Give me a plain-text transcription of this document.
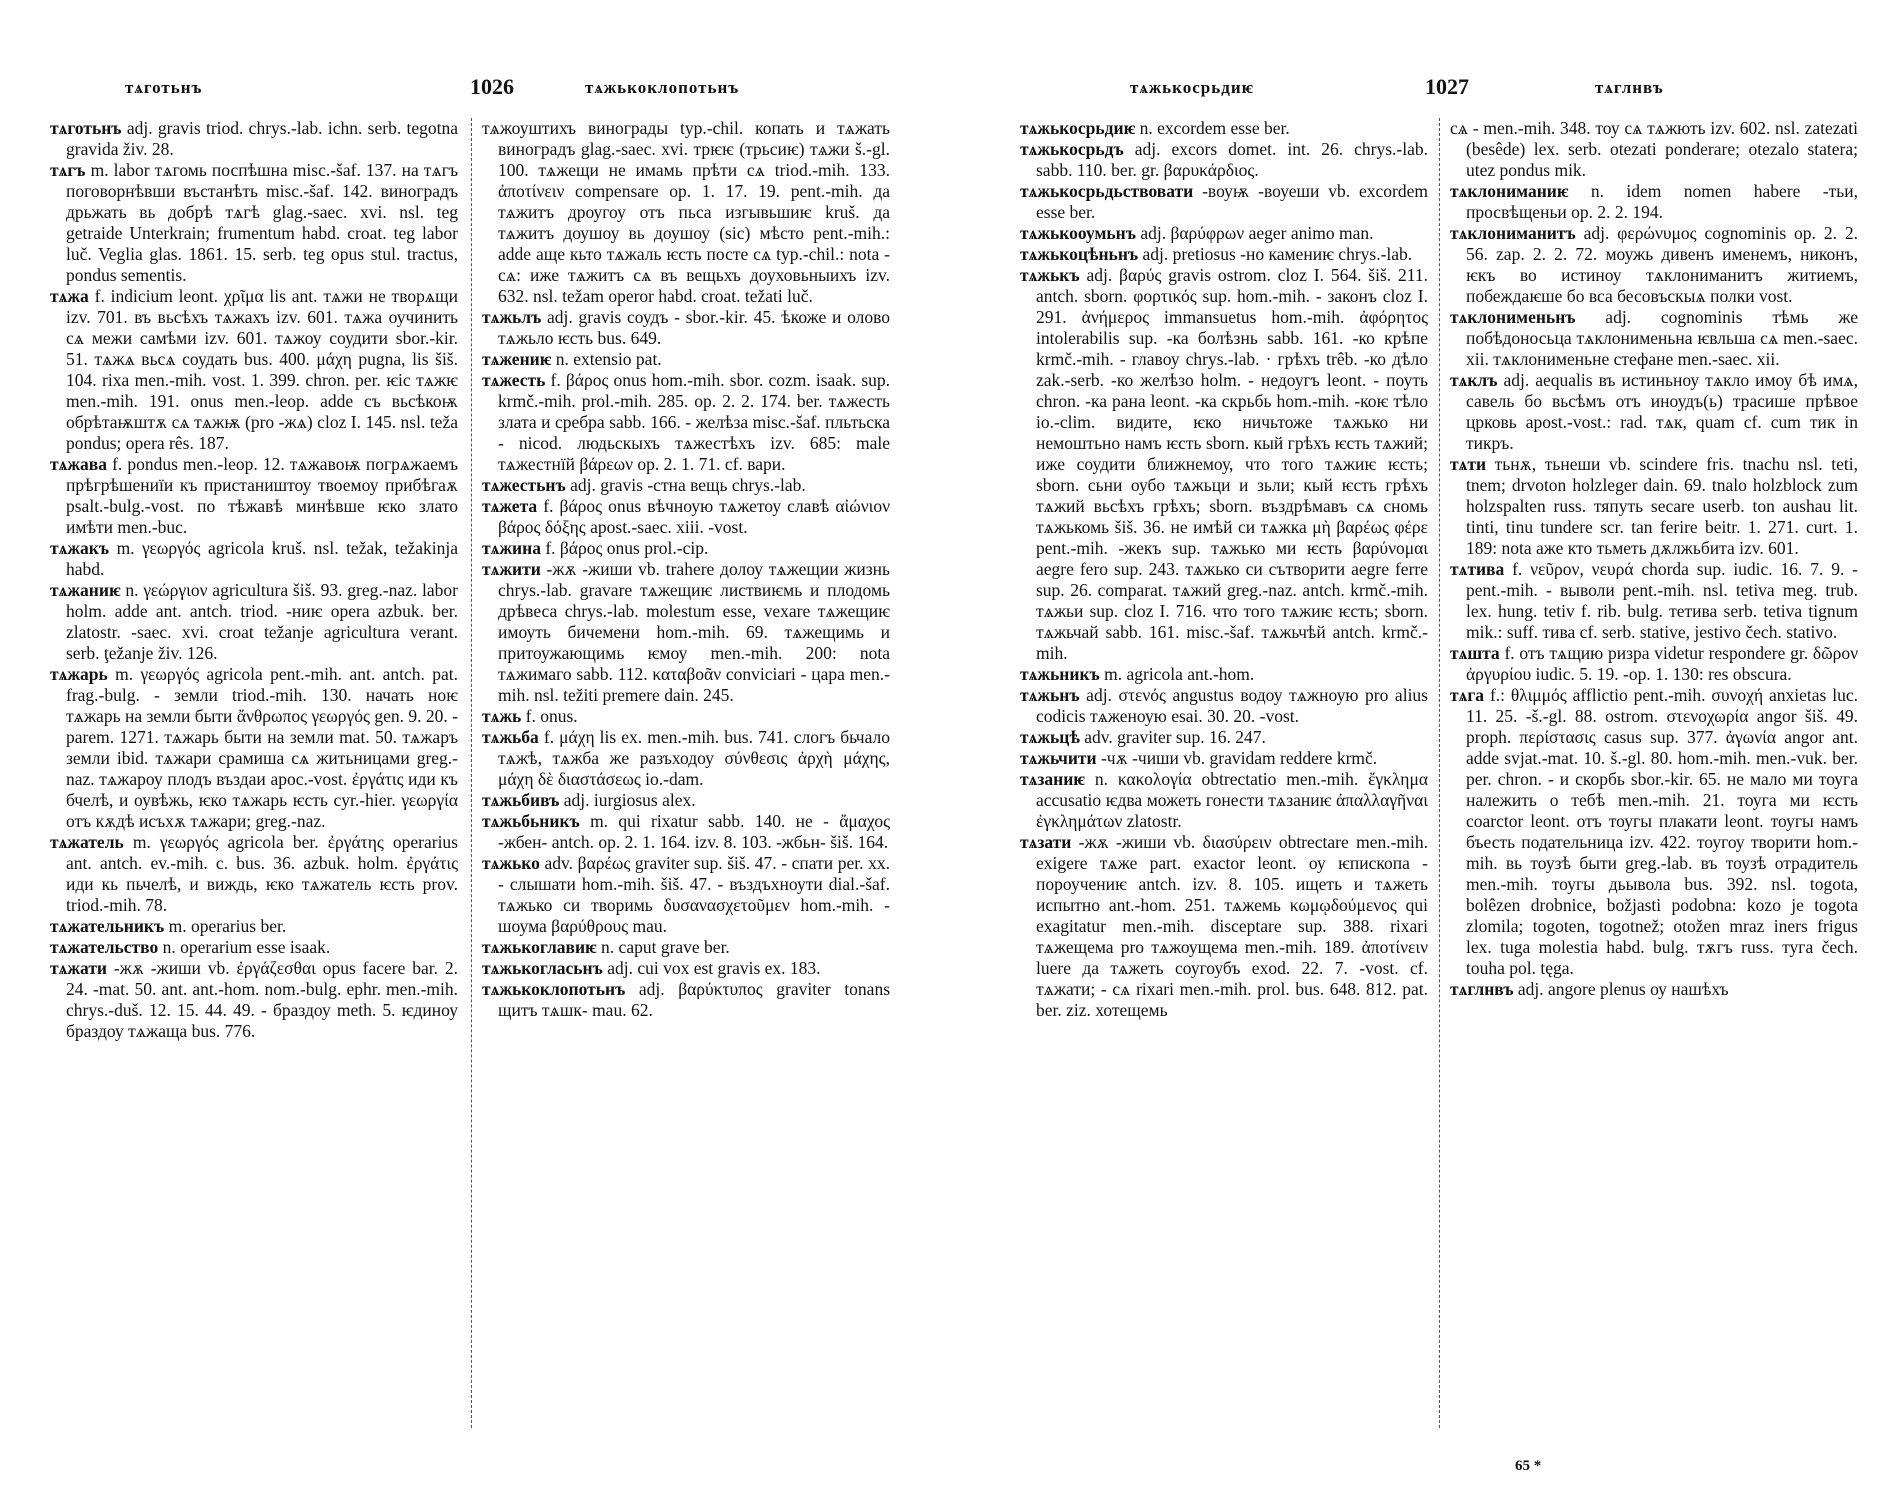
тѧготьнъ	1026	тѧжькоклопотьнъ
тѧготьнъ adj. gravis triod. chrys.-lab. ichn. serb. tegotna gravida živ. 28.
тѧгъ m. labor тѧгомь поспѣшна misc.-šaf. 137. на тѧгъ поговорнѣвши въстанѣть misc.-šaf. 142. виноградъ дрьжать вь добрѣ тѧгѣ glag.-saec. xvi. nsl. teg getraide Unterkrain; frumentum habd. croat. teg labor luč. Veglia glas. 1861. 15. serb. teg opus stul. tractus, pondus sementis.
тѧжа f. indicium leont. χρῖμα lis ant. тѧжи не творѧщи izv. 701. въ вьсѣхъ тѧжахъ izv. 601. тѧжа оучинить сѧ межи самѣми izv. 601. тѧжоу соудити sbor.-kir. 51. тѧжѧ вьсѧ соудать bus. 400. μάχη pugna, lis šiš. 104. rixa men.-mih. vost. 1. 399. chron. per. ѥіс тѧжѥ men.-mih. 191. onus men.-leop. adde съ вьсѣкоѭ обрѣтаѭштѫ сѧ тѧжѭ (pro -жѧ) cloz I. 145. nsl. teža pondus; opera rês. 187.
тѧжава f. pondus men.-leop. 12. тѧжавоѭ погрѧжаемъ прѣгрѣшениїи къ пристаништоу твоемоу прибѣгаѫ psalt.-bulg.-vost. по тѣжавѣ минѣвше ѥко злато имѣти men.-buc.
тѧжакъ m. γεωργός agricola kruš. nsl. težak, težakinja habd.
тѧжаниѥ n. γεώργιον agricultura šiš. 93. greg.-naz. labor holm. adde ant. antch. triod. -ниѥ opera azbuk. ber. zlatostr. -saec. xvi. croat težanje agricultura verant. serb. ţežanje živ. 126.
тѧжарь m. γεωργός agricola pent.-mih. ant. antch. pat. frag.-bulg. - земли triod.-mih. 130. начать ноѥ тѧжарь на земли быти ἄνθρωπος γεωργός gen. 9. 20. -parem. 1271. тѧжарь быти на земли mat. 50. тѧжаръ земли ibid. тѧжари срамиша сѧ житьницами greg.-naz. тѧжароу плодъ въздаи apoc.-vost. ἐργάτις иди къ бчелѣ, и оувѣжь, ѥко тѧжарь ѥсть cyr.-hier. γεωργία отъ кѫдѣ исъхѫ тѧжари; greg.-naz.
тѧжатель m. γεωργός agricola ber. ἐργάτης operarius ant. antch. ev.-mih. c. bus. 36. azbuk. holm. ἐργάτις иди кь пьчелѣ, и виждь, ѥко тѧжатель ѥсть prov. triod.-mih. 78.
тѧжательникъ m. operarius ber.
тѧжательство n. operarium esse isaak.
тѧжати -жѫ -жиши vb. ἐργάζεσθαι opus facere bar. 2. 24. -mat. 50. ant. ant.-hom. nom.-bulg. ephr. men.-mih. chrys.-duš. 12. 15. 44. 49. - браздоу meth. 5. ѥдиноу браздоу тѧжаща bus. 776.
тѧжоуштихъ винограды typ.-chil. копать и тѧжать виноградъ glag.-saec. xvi. трѥѥ (трьсиѥ) тѧжи š.-gl. 100. тѧжещи не имамь прѣти сѧ triod.-mih. 133. ἀποτίνειν compensare op. 1. 17. 19. pent.-mih. да тѧжитъ дроугоу отъ пьса изгывьшиѥ kruš. да тѧжитъ доушоу вь доушоу (sic) мѣсто pent.-mih.: adde аще кьто тѧжаль ѥсть посте сѧ typ.-chil.: nota - сѧ: иже тѧжитъ сѧ въ вещьхъ доуховьныихъ izv. 632. nsl. težam operor habd. croat. težati luč.
тѧжьлъ adj. gravis соудъ - sbor.-kir. 45. ѣкоже и олово тѧжьло ѥсть bus. 649.
тѧжениѥ n. extensio pat.
тѧжесть f. βάρος onus hom.-mih. sbor. cozm. isaak. sup. krmč.-mih. prol.-mih. 285. op. 2. 2. 174. ber. тѧжесть злата и сребра sabb. 166. - желѣза misc.-šaf. пльтьска - nicod. людьскыхъ тѧжестѣхъ izv. 685: male тѧжестнїй βάρεων op. 2. 1. 71. cf. вари.
тѧжестьнъ adj. gravis -стна вещь chrys.-lab.
тѧжета f. βάρος onus вѣчноую тѧжетоу славѣ αἰώνιον βάρος δόξης apost.-saec. xiii. -vost.
тѧжина f. βάρος onus prol.-cip.
тѧжити -жѫ -жиши vb. trahere долоу тѧжещии жизнь chrys.-lab. gravare тѧжещиѥ листвиѥмь и плодомь дрѣвеса chrys.-lab. molestum esse, vexare тѧжещиѥ имоуть бичемени hom.-mih. 69. тѧжещимь и притоужающимь ѥмоу men.-mih. 200: nota тѧжимаго sabb. 112. καταβοᾶν conviciari - цара men.-mih. nsl. težiti premere dain. 245.
тѧжь f. onus.
тѧжьба f. μάχη lis ex. men.-mih. bus. 741. слогъ бьчало тѧжѣ, тѧжба же разъходоу σύνθεσις ἀρχὴ μάχης, μάχη δὲ διαστάσεως io.-dam.
тѧжьбивъ adj. iurgiosus alex.
тѧжьбьникъ m. qui rixatur sabb. 140. не - ἄμαχος -жбен- antch. op. 2. 1. 164. izv. 8. 103. -жбьн- šiš. 164.
тѧжько adv. βαρέως graviter sup. šiš. 47. - спати per. xx. - слышати hom.-mih. šiš. 47. - въздъхноути dial.-šaf. тѧжько си творимь δυσανασχετοῦμεν hom.-mih. - шоума βαρύθρους mau.
тѧжькоглавиѥ n. caput grave ber.
тѧжькогласьнъ adj. cui vox est gravis ex. 183.
тѧжькоклопотьнъ adj. βαρύκτυπος graviter tonans щитъ тѧшк- mau. 62.
тѧжькосрьдиѥ	1027	тѧглнвъ
тѧжькосрьдиѥ n. excordem esse ber.
тѧжькосрьдъ adj. excors domet. int. 26. chrys.-lab. sabb. 110. ber. gr. βαρυκάρδιος.
тѧжькосрьдьствовати -воуѭ -воуеши vb. excordem esse ber.
тѧжькооумьнъ adj. βαρύφρων aeger animo man.
тѧжькоцѣньнъ adj. pretiosus -но камениѥ chrys.-lab.
тѧжькъ adj. βαρύς gravis ostrom. cloz I. 564. šiš. 211. antch. sborn. φορτικός sup. hom.-mih. - законъ cloz I. 291. ἀνήμερος immansuetus hom.-mih. ἀφόρητος intolerabilis sup. -ка болѣзнь sabb. 161. -ко крѣпе krmč.-mih. - главоу chrys.-lab. · грѣхъ trêb. -ко дѣло zak.-serb. -ко желѣзо holm. - недоугъ leont. - поуть chron. -ка рана leont. -ка скрьбь hom.-mih. -коѥ тѣло io.-clim. видите, ѥко ничьтоже тѧжько ни немоштьно намъ ѥсть sborn. кый грѣхъ ѥсть тѧжий; иже соудити ближнемоу, что того тѧжиѥ ѥсть; sborn. сьни оубо тѧжьци и зьли; кый ѥсть грѣхъ тѧжий вьсѣхъ грѣхъ; sborn. въздрѣмавъ сѧ сномь тѧжькомь šiš. 36. не имѣй си тѧжка μὴ βαρέως φέρε pent.-mih. -жекъ sup. тѧжько ми ѥсть βαρύνομαι aegre fero sup. 243. тѧжько си сътворити aegre ferre sup. 26. comparat. тѧжий greg.-naz. antch. krmč.-mih. тѧжьи sup. cloz I. 716. что того тѧжиѥ ѥсть; sborn. тѧжьчай sabb. 161. misc.-šaf. тѧжьчѣй antch. krmč.-mih.
тѧжьникъ m. agricola ant.-hom.
тѧжьнъ adj. στενός angustus водоу тѧжноую pro alius codicis тѧженоую esai. 30. 20. -vost.
тѧжьцѣ adv. graviter sup. 16. 247.
тѧжьчити -чѫ -чиши vb. gravidam reddere krmč.
тѧзаниѥ n. κακολογία obtrectatio men.-mih. ἔγκλημα accusatio ѥдва можеть гонести тѧзаниѥ ἀπαλλαγῆναι ἐγκλημάτων zlatostr.
тѧзати -жѫ -жиши vb. διασύρειν obtrectare men.-mih. exigere тѧже part. exactor leont. оу ѥпископа - пороучениѥ antch. izv. 8. 105. ищеть и тѧжеть испытно ant.-hom. 251. тѧжемь κωμῳδούμενος qui exagitatur men.-mih. disceptare sup. 388. rixari тѧжещема pro тѧжоущема men.-mih. 189. ἀποτίνειν luere да тѧжеть соугоубъ exod. 22. 7. -vost. cf. тѧжати; - сѧ rixari men.-mih. prol. bus. 648. 812. pat. ber. ziz. хотещемь
сѧ - men.-mih. 348. тоу сѧ тѧжють izv. 602. nsl. zatezati (besêde) lex. serb. otezati ponderare; otezalo statera; utez pondus mik.
тѧклониманиѥ n. idem nomen habere -тьи, просвѣщеньи op. 2. 2. 194.
тѧклониманитъ adj. φερώνυμος cognominis op. 2. 2. 56. zap. 2. 2. 72. моужь дивенъ именемъ, никонъ, ѥкъ во истиноу тѧклониманитъ житиемъ, побеждаѥше бо вса бесовъскыѧ полки vost.
тѧклонименьнъ adj. cognominis тѣмь же побѣдоносьца тѧклонименьна ѥвльша сѧ men.-saec. xii. тѧклонименьне стефане men.-saec. xii.
тѧклъ adj. aequalis въ истиньноу тѧкло имоу бѣ имѧ, савель бо вьсѣмъ отъ иноудъ(ь) трасише прѣвое црковь apost.-vost.: rad. тѧк, quam cf. cum тик in тикръ.
тѧти тьнѫ, тьнеши vb. scindere fris. tnachu nsl. teti, tnem; drvoton holzleger dain. 69. tnalo holzblock zum holzspalten russ. тяпуть secare userb. ton aushau lit. tinti, tinu tundere scr. tan ferire beitr. 1. 271. curt. 1. 189: nota аже кто тьметь дѫлжьбита izv. 601.
тѧтива f. νεῦρον, νευρά chorda sup. iudic. 16. 7. 9. -pent.-mih. - выволи pent.-mih. nsl. tetiva meg. trub. lex. hung. tetiv f. rib. bulg. тетива serb. tetiva tignum mik.: suff. тива cf. serb. stative, jestivo čech. stativo.
тѧшта f. отъ тѧщию ризра videtur respondere gr. δῶρον ἀργυρίου iudic. 5. 19. -op. 1. 130: res obscura.
тѧга f.: θλιμμός afflictio pent.-mih. συνοχή anxietas luc. 11. 25. -š.-gl. 88. ostrom. στενοχωρία angor šiš. 49. proph. περίστασις casus sup. 377. ἀγωνία angor ant. adde svjat.-mat. 10. š.-gl. 80. hom.-mih. men.-vuk. ber. per. chron. - и скорбь sbor.-kir. 65. не мало ми тоуга належить о тебѣ men.-mih. 21. тоуга ми ѥсть coarctor leont. отъ тоугы плакати leont. тоугы намъ бъесть подательница izv. 422. тоугоу творити hom.-mih. вь тоузѣ быти greg.-lab. въ тоузѣ отрадитель men.-mih. тоугы дьывола bus. 392. nsl. togota, bolêzen drobnice, božjasti podobna: kozo je togota zlomila; togoten, togotnež; otožen mraz iners frigus lex. tuga molestia habd. bulg. тѫгъ russ. туга čech. touha pol. tęga.
тѧглнвъ adj. angore plenus оу нашѣхъ
65 *
